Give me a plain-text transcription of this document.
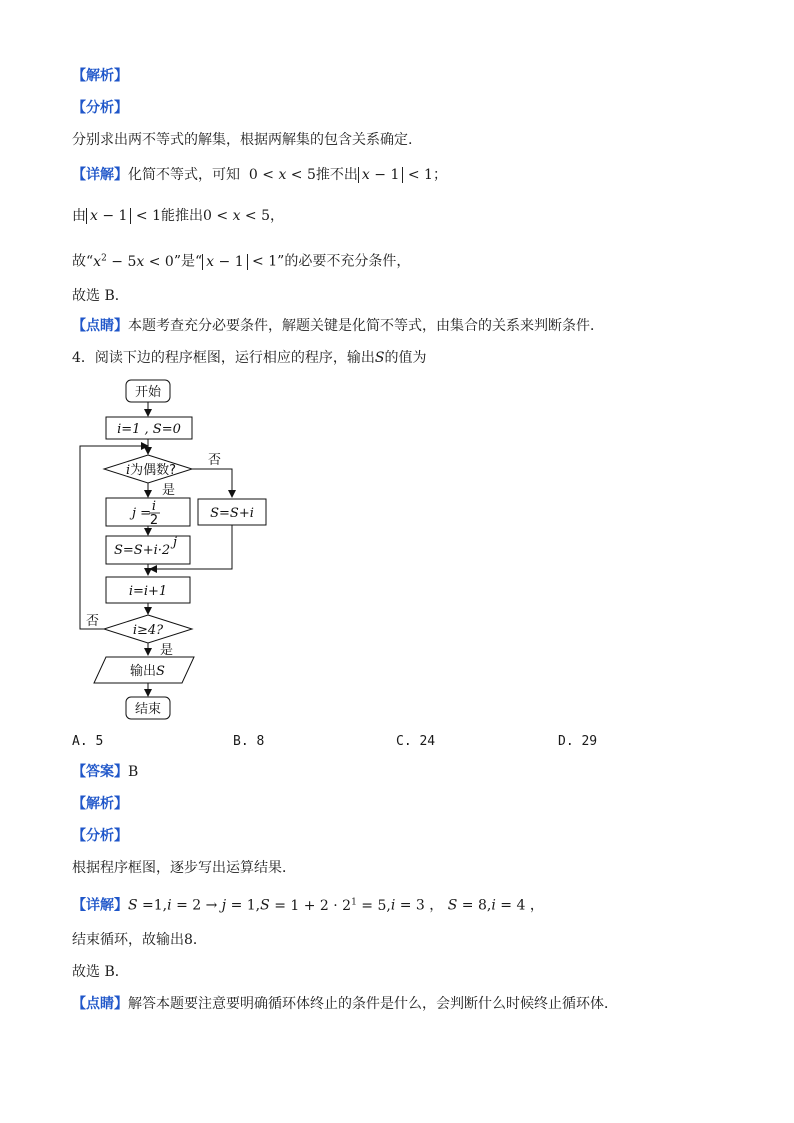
【解析】
【分析】
分别求出两不等式的解集，根据两解集的包含关系确定.
【详解】化简不等式，可知 0 < x < 5推不出 x − 1 < 1；
由 x − 1 < 1能推出0 < x < 5，
故“$x^2 - 5x < 0$”是“ x − 1 < 1”的必要不充分条件，
故选 B．
【点睛】本题考查充分必要条件，解题关键是化简不等式，由集合的关系来判断条件．
4．阅读下边的程序框图，运行相应的程序，输出S的值为
开始
i=1 , S=0
i为偶数?
否
是
j = i
2
S=S+i·2
j
S=S+i
i=i+1
i≥4?
否
是
输出S
结束
A. 5	B. 8	C. 24	D. 29
【答案】B
【解析】
【分析】
根据程序框图，逐步写出运算结果．
【详解】$S =1,i = 2 \to j = 1,S = 1 + 2 \cdot 2^1 = 5,i = 3$ ， S = 8,i = 4 ，
结束循环，故输出8．
故选 B．
【点睛】解答本题要注意要明确循环体终止的条件是什么，会判断什么时候终止循环体．
